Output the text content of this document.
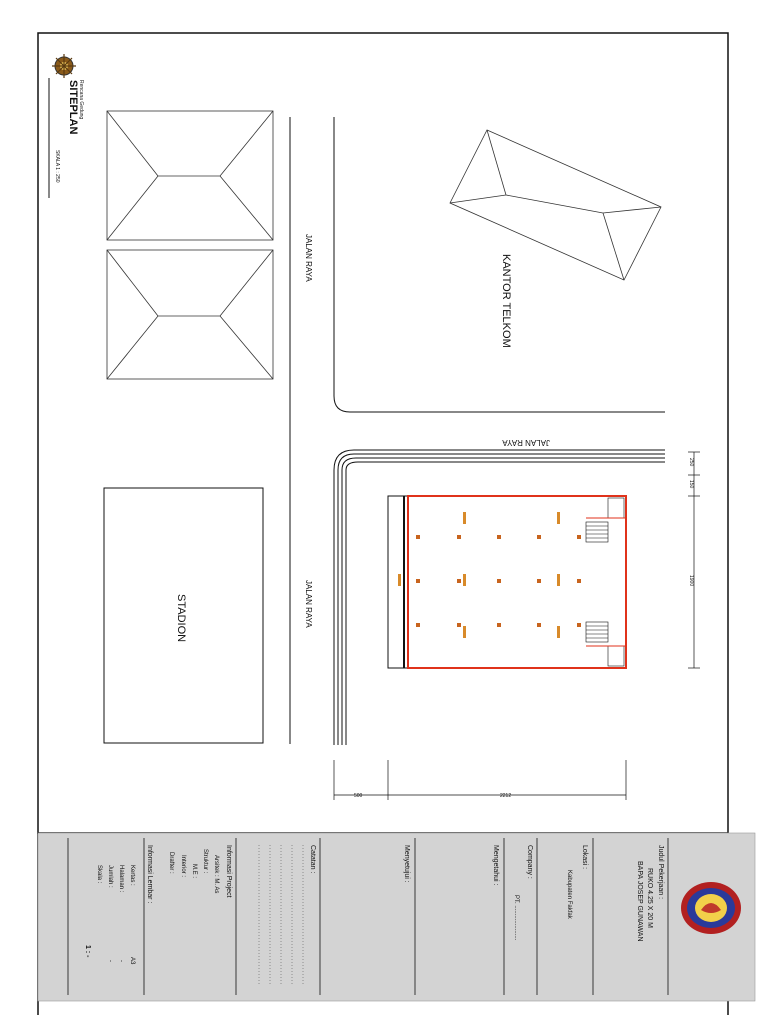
Rencana Gedung
SITEPLAN
SKALA 1 : 250
STADION
JALAN RAYA
JALAN RAYA
JALAN RAYA
KANTOR TELKOM
250
150
1900
500	2212
Judul Pekerjaan :
RUKO 4.25 X 20 M
BAPA JOSEP GUNAWAN
Lokasi :
Kabupaten Fakfak
Company :
PT. .....................
Mengetahui :
Menyetujui :
Catatan :
Informasi Project
Arsitek : M. As
Struktur :
M.E :
Interior :
Drafter :
Informasi Lembar :
Kertas :
A3
Halaman :
-
Jumlah :
-
Skala :
1 : -
